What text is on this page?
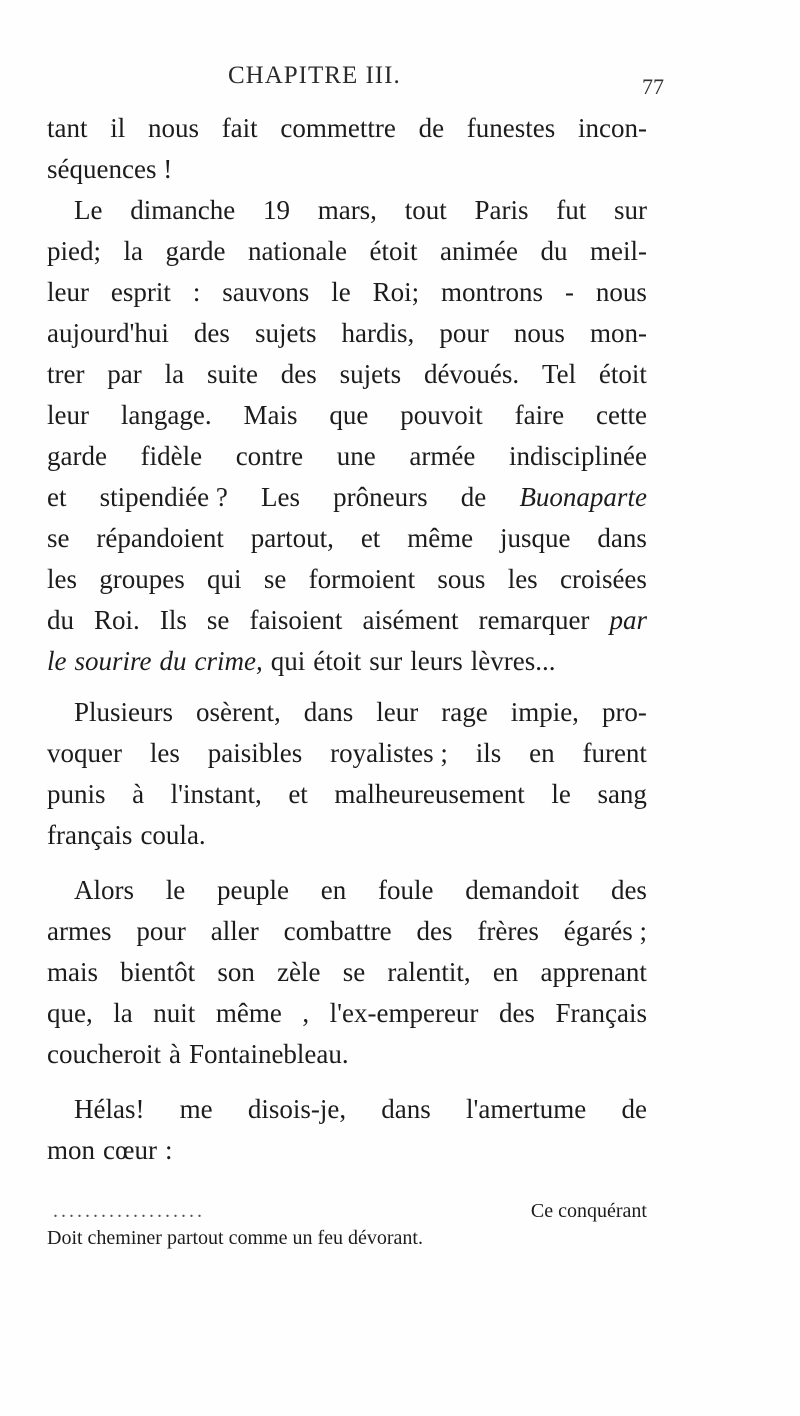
CHAPITRE III.	77
tant il nous fait commettre de funestes incon-
séquences !
Le dimanche 19 mars, tout Paris fut sur
pied; la garde nationale étoit animée du meil-
leur esprit : sauvons le Roi; montrons - nous
aujourd'hui des sujets hardis, pour nous mon-
trer par la suite des sujets dévoués. Tel étoit
leur langage. Mais que pouvoit faire cette
garde fidèle contre une armée indisciplinée
et stipendiée ? Les prôneurs de Buonaparte
se répandoient partout, et même jusque dans
les groupes qui se formoient sous les croisées
du Roi. Ils se faisoient aisément remarquer par
le sourire du crime, qui étoit sur leurs lèvres...
Plusieurs osèrent, dans leur rage impie, pro-
voquer les paisibles royalistes ; ils en furent
punis à l'instant, et malheureusement le sang
français coula.
Alors le peuple en foule demandoit des
armes pour aller combattre des frères égarés ;
mais bientôt son zèle se ralentit, en apprenant
que, la nuit même , l'ex-empereur des Français
coucheroit à Fontainebleau.
Hélas! me disois-je, dans l'amertume de
mon cœur :
...................	Ce conquérant
Doit cheminer partout comme un feu dévorant.
